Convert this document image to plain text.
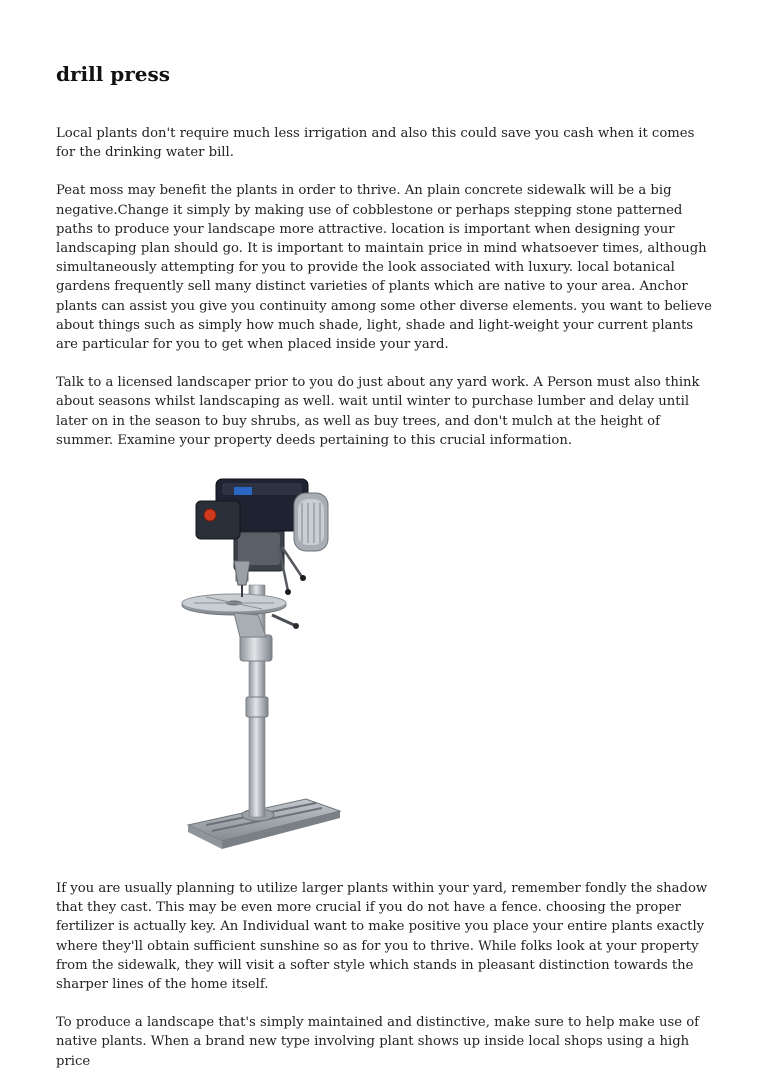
drill press

Local plants don't require much less irrigation and also this could save you cash when it comes for the drinking water bill.

Peat moss may benefit the plants in order to thrive. An plain concrete sidewalk will be a big negative.Change it simply by making use of cobblestone or perhaps stepping stone patterned paths to produce your landscape more attractive. location is important when designing your landscaping plan should go. It is important to maintain price in mind whatsoever times, although simultaneously attempting for you to provide the look associated with luxury. local botanical gardens frequently sell many distinct varieties of plants which are native to your area. Anchor plants can assist you give you continuity among some other diverse elements. you want to believe about things such as simply how much shade, light, shade and light-weight your current plants are particular for you to get when placed inside your yard.

Talk to a licensed landscaper prior to you do just about any yard work. A Person must also think about seasons whilst landscaping as well. wait until winter to purchase lumber and delay until later on in the season to buy shrubs, as well as buy trees, and don't mulch at the height of summer. Examine your property deeds pertaining to this crucial information.

If you are usually planning to utilize larger plants within your yard, remember fondly the shadow that they cast. This may be even more crucial if you do not have a fence. choosing the proper fertilizer is actually key. An Individual want to make positive you place your entire plants exactly where they'll obtain sufficient sunshine so as for you to thrive. While folks look at your property from the sidewalk, they will visit a softer style which stands in pleasant distinction towards the sharper lines of the home itself.

To produce a landscape that's simply maintained and distinctive, make sure to help make use of native plants. When a brand new type involving plant shows up inside local shops using a high price
